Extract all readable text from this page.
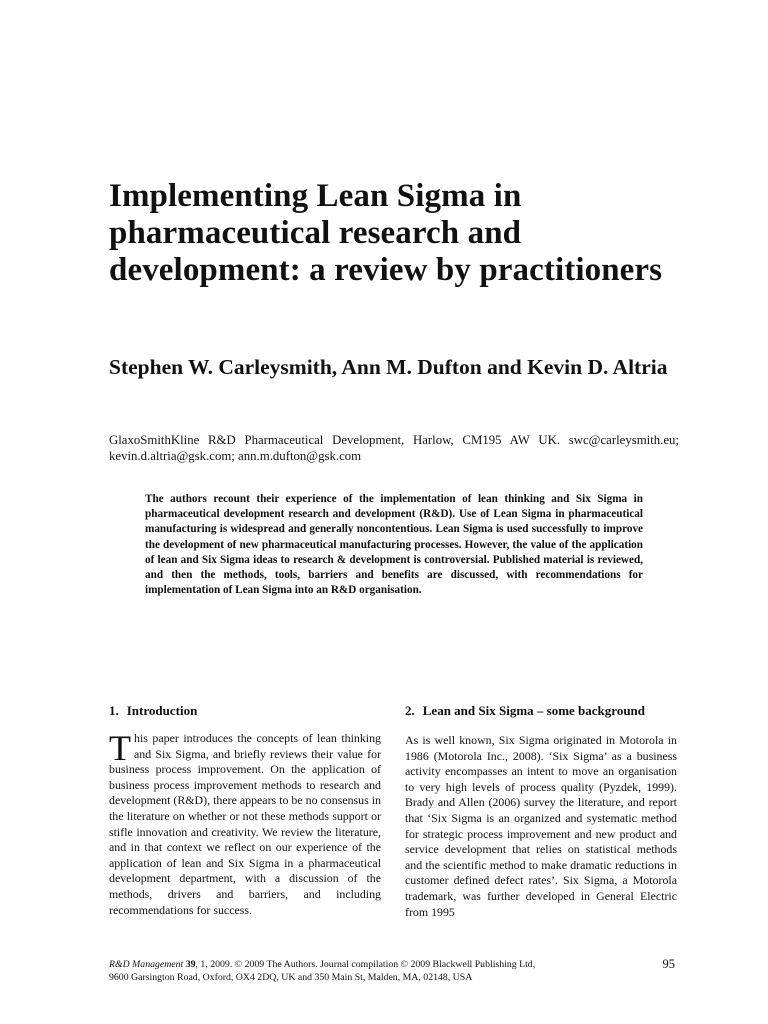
Implementing Lean Sigma in pharmaceutical research and development: a review by practitioners
Stephen W. Carleysmith, Ann M. Dufton and Kevin D. Altria

GlaxoSmithKline R&D Pharmaceutical Development, Harlow, CM195 AW UK. swc@carleysmith.eu; kevin.d.altria@gsk.com; ann.m.dufton@gsk.com

The authors recount their experience of the implementation of lean thinking and Six Sigma in pharmaceutical development research and development (R&D). Use of Lean Sigma in pharmaceutical manufacturing is widespread and generally noncontentious. Lean Sigma is used successfully to improve the development of new pharmaceutical manufacturing processes. However, the value of the application of lean and Six Sigma ideas to research & development is controversial. Published material is reviewed, and then the methods, tools, barriers and benefits are discussed, with recommendations for implementation of Lean Sigma into an R&D organisation.

1. Introduction

This paper introduces the concepts of lean thinking and Six Sigma, and briefly reviews their value for business process improvement. On the application of business process improvement methods to research and development (R&D), there appears to be no consensus in the literature on whether or not these methods support or stifle innovation and creativity. We review the literature, and in that context we reflect on our experience of the application of lean and Six Sigma in a pharmaceutical development department, with a discussion of the methods, drivers and barriers, and including recommendations for success.

2. Lean and Six Sigma – some background

As is well known, Six Sigma originated in Motorola in 1986 (Motorola Inc., 2008). ‘Six Sigma’ as a business activity encompasses an intent to move an organisation to very high levels of process quality (Pyzdek, 1999). Brady and Allen (2006) survey the literature, and report that ‘Six Sigma is an organized and systematic method for strategic process improvement and new product and service development that relies on statistical methods and the scientific method to make dramatic reductions in customer defined defect rates’. Six Sigma, a Motorola trademark, was further developed in General Electric from 1995

R&D Management 39, 1, 2009. © 2009 The Authors. Journal compilation © 2009 Blackwell Publishing Ltd,
9600 Garsington Road, Oxford, OX4 2DQ, UK and 350 Main St, Malden, MA, 02148, USA
95
